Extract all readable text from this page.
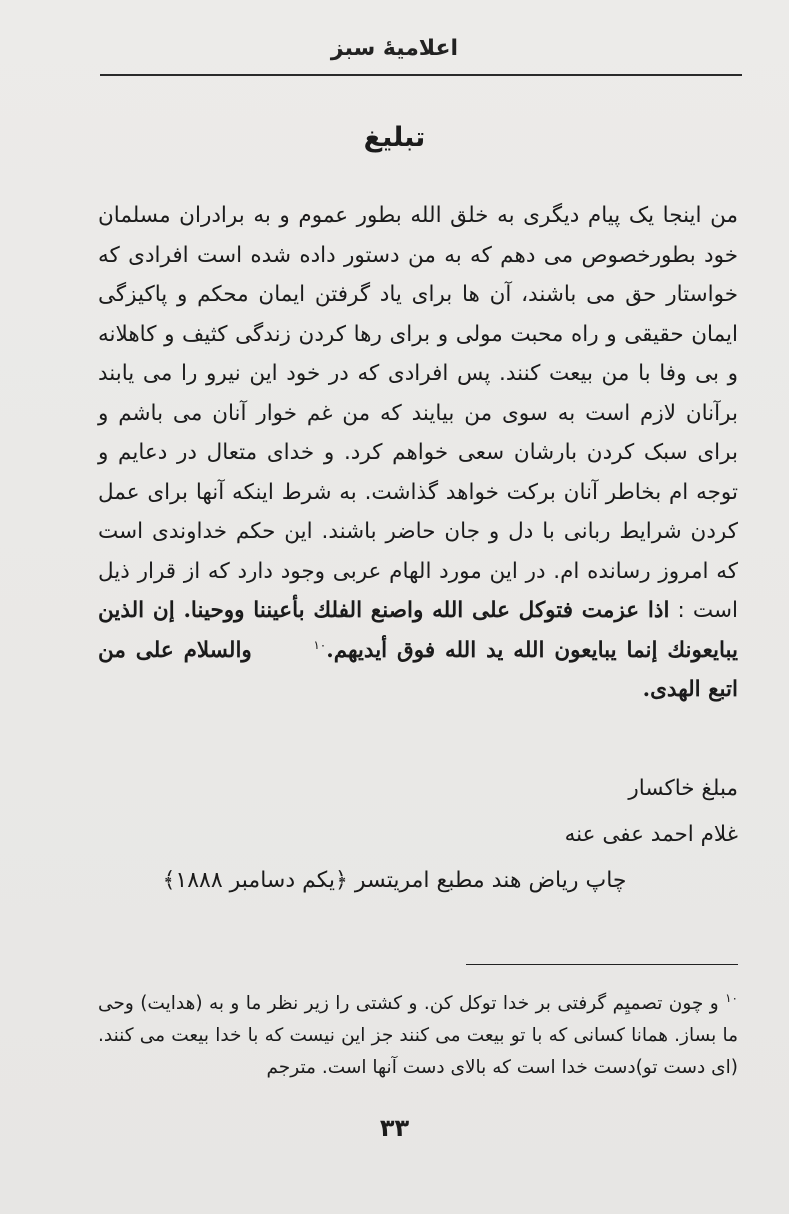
اعلامیهٔ سبز
تبلیغ

من اینجا یک پیام دیگری به خلق الله بطور عموم و به برادران مسلمان خود بطورخصوص می دهم که به من دستور داده شده است افرادی که خواستار حق می باشند، آن ها برای یاد گرفتن ایمان محکم و پاکیزگی ایمان حقیقی و راه محبت مولی و برای رها کردن زندگی کثیف و کاهلانه و بی وفا با من بیعت کنند. پس افرادی که در خود این نیرو را می یابند برآنان لازم است به سوی من بیایند که من غم خوار آنان می باشم و برای سبک کردن بارشان سعی خواهم کرد. و خدای متعال در دعایم و توجه ام بخاطر آنان برکت خواهد گذاشت. به شرط اینکه آنها برای عمل کردن شرایط ربانی با دل و جان حاضر باشند. این حکم خداوندی است که امروز رسانده ام. در این مورد الهام عربی وجود دارد که از قرار ذیل است : اذا عزمت فتوکل علی الله واصنع الفلك بأعيننا ووحينا. إن الذين يبايعونك إنما يبايعون الله يد الله فوق أيديهم.$^{۱۰}$    والسلام علی من اتبع الهدی.

مبلغ خاکسار
غلام احمد عفی عنه
چاپ ریاض هند مطبع امریتسر ﴿یکم دسامبر ۱۸۸۸﴾

$^{۱۰}$ و چون تصمیِم گرفتی بر خدا توکل کن. و کشتی را زیر نظر ما و به (هدایت) وحی ما بساز. همانا کسانی که با تو بیعت می کنند جز این نیست که با خدا بیعت می کنند. (ای دست تو)دست خدا است که بالای دست آنها است. مترجم

۳۳
